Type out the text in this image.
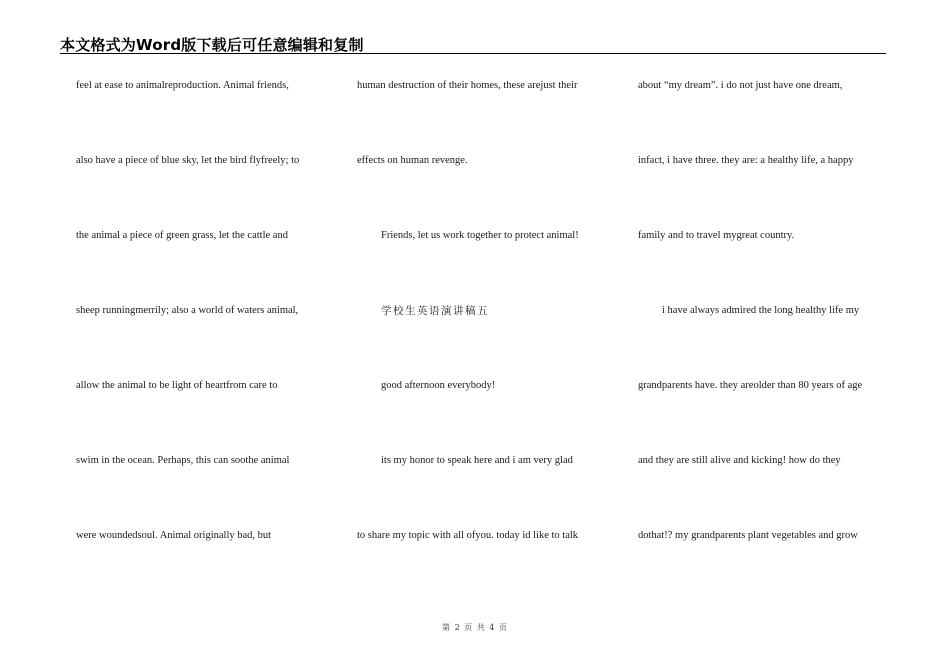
本文格式为Word版下载后可任意编辑和复制
feel at ease to animalreproduction. Animal friends,
also have a piece of blue sky, let the bird flyfreely; to
the animal a piece of green grass, let the cattle and
sheep runningmerrily; also a world of waters animal,
allow the animal to be light of heartfrom care to
swim in the ocean. Perhaps, this can soothe animal
were woundedsoul. Animal originally bad, but
human destruction of their homes, these arejust their
effects on human revenge.
Friends, let us work together to protect animal!
学校生英语演讲稿五
good afternoon everybody!
its my honor to speak here and i am very glad
to share my topic with all ofyou. today id like to talk
about “my dream”. i do not just have one dream,
infact, i have three. they are: a healthy life, a happy
family and to travel mygreat country.
i have always admired the long healthy life my
grandparents have. they areolder than 80 years of age
and they are still alive and kicking! how do they
dothat!? my grandparents plant vegetables and grow
第 2 页 共 4 页
